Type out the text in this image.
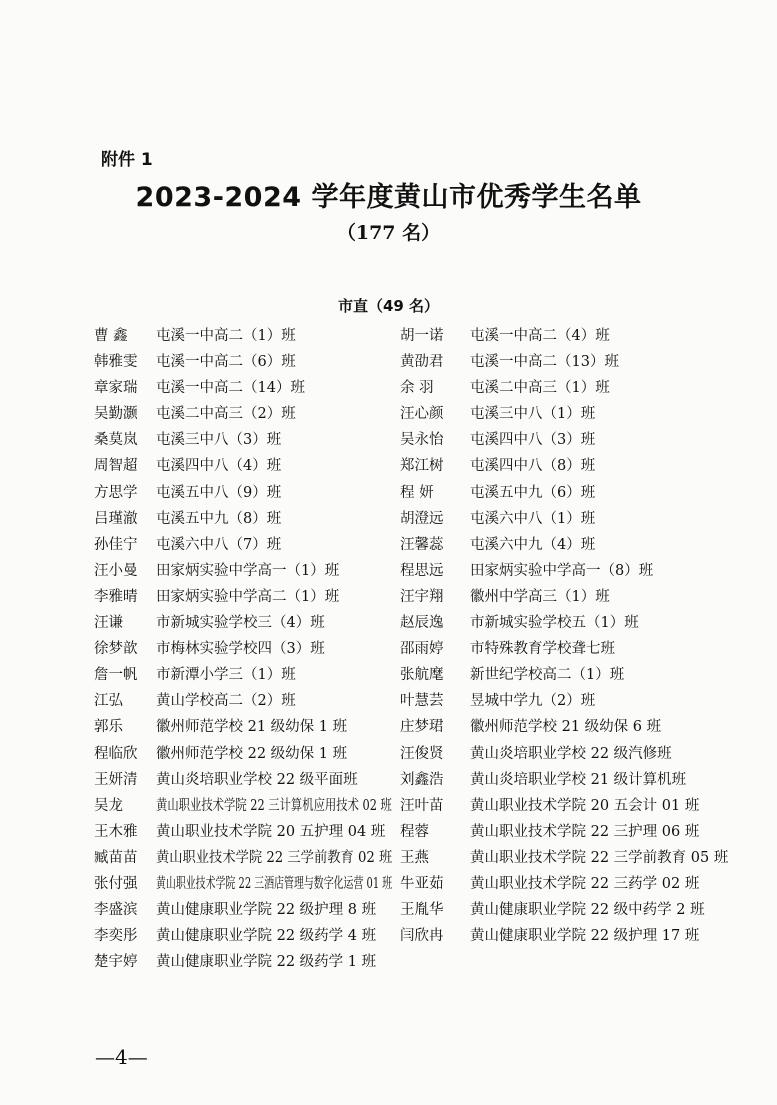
附件 1
2023-2024 学年度黄山市优秀学生名单
（177 名）
市直（49 名）
曹 鑫	屯溪一中高二（1）班	胡一诺	屯溪一中高二（4）班
韩雅雯	屯溪一中高二（6）班	黄劭君	屯溪一中高二（13）班
章家瑞	屯溪一中高二（14）班	余 羽	屯溪二中高三（1）班
吴勤灏	屯溪二中高三（2）班	汪心颜	屯溪三中八（1）班
桑莫岚	屯溪三中八（3）班	吴永怡	屯溪四中八（3）班
周智超	屯溪四中八（4）班	郑江树	屯溪四中八（8）班
方思学	屯溪五中八（9）班	程 妍	屯溪五中九（6）班
吕瑾澈	屯溪五中九（8）班	胡澄远	屯溪六中八（1）班
孙佳宁	屯溪六中八（7）班	汪馨蕊	屯溪六中九（4）班
汪小曼	田家炳实验中学高一（1）班	程思远	田家炳实验中学高一（8）班
李雅晴	田家炳实验中学高二（1）班	汪宇翔	徽州中学高三（1）班
汪谦	市新城实验学校三（4）班	赵辰逸	市新城实验学校五（1）班
徐梦歆	市梅林实验学校四（3）班	邵雨婷	市特殊教育学校聋七班
詹一帆	市新潭小学三（1）班	张航麾	新世纪学校高二（1）班
江弘	黄山学校高二（2）班	叶慧芸	昱城中学九（2）班
郭乐	徽州师范学校 21 级幼保 1 班	庄梦珺	徽州师范学校 21 级幼保 6 班
程临欣	徽州师范学校 22 级幼保 1 班	汪俊贤	黄山炎培职业学校 22 级汽修班
王妍清	黄山炎培职业学校 22 级平面班	刘鑫浩	黄山炎培职业学校 21 级计算机班
吴龙	黄山职业技术学院 22 三计算机应用技术 02 班 汪叶苗	黄山职业技术学院 20 五会计 01 班
王木雅	黄山职业技术学院 20 五护理 04 班 程蓉	黄山职业技术学院 22 三护理 06 班
臧苗苗	黄山职业技术学院 22 三学前教育 02 班 王燕	黄山职业技术学院 22 三学前教育 05 班
张付强	黄山职业技术学院 22 三酒店管理与数字化运营 01 班 牛亚茹	黄山职业技术学院 22 三药学 02 班
李盛滨	黄山健康职业学院 22 级护理 8 班 王胤华	黄山健康职业学院 22 级中药学 2 班
李奕彤	黄山健康职业学院 22 级药学 4 班 闫欣冉	黄山健康职业学院 22 级护理 17 班
楚宇婷	黄山健康职业学院 22 级药学 1 班
—4—
